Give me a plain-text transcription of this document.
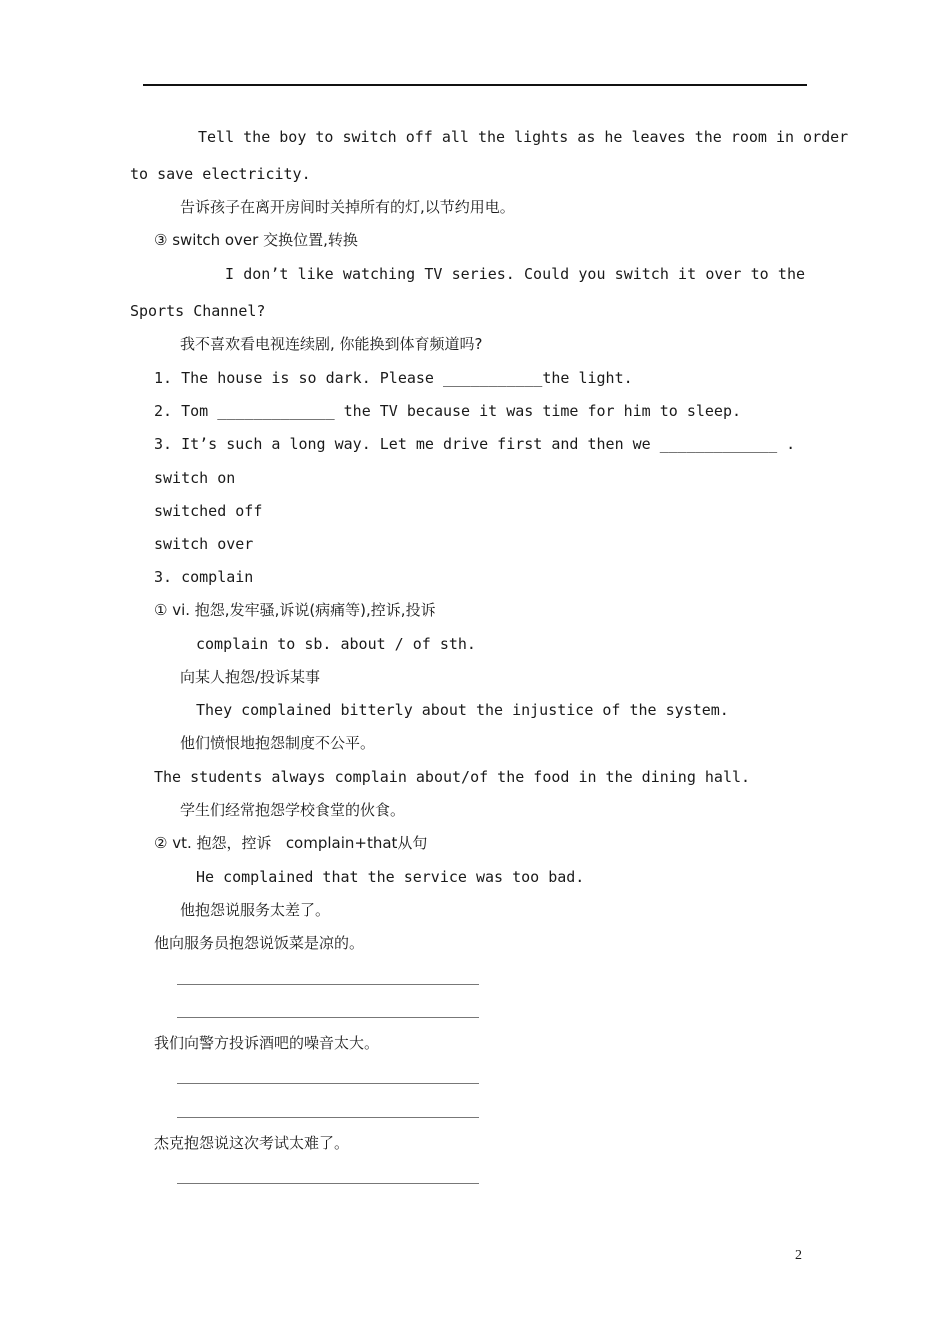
Tell the boy to switch off all the lights as he leaves the room in order
to save electricity.
告诉孩子在离开房间时关掉所有的灯,以节约用电。
③ switch over 交换位置,转换
I don’t like watching TV series. Could you switch it over to the
Sports Channel?
我不喜欢看电视连续剧, 你能换到体育频道吗?
1. The house is so dark. Please ___________the light.
2. Tom _____________ the TV because it was time for him to sleep.
3. It’s such a long way. Let me drive first and then we _____________ .
switch on
switched off
switch over
3. complain
① vi. 抱怨,发牢骚,诉说(病痛等),控诉,投诉
complain to sb. about / of sth.
向某人抱怨/投诉某事
They complained bitterly about the injustice of the system.
他们愤恨地抱怨制度不公平。
The students always complain about/of the food in the dining hall.
学生们经常抱怨学校食堂的伙食。
② vt. 抱怨，控诉   complain+that从句
He complained that the service was too bad.
他抱怨说服务太差了。
他向服务员抱怨说饭菜是凉的。
我们向警方投诉酒吧的噪音太大。
杰克抱怨说这次考试太难了。
2
